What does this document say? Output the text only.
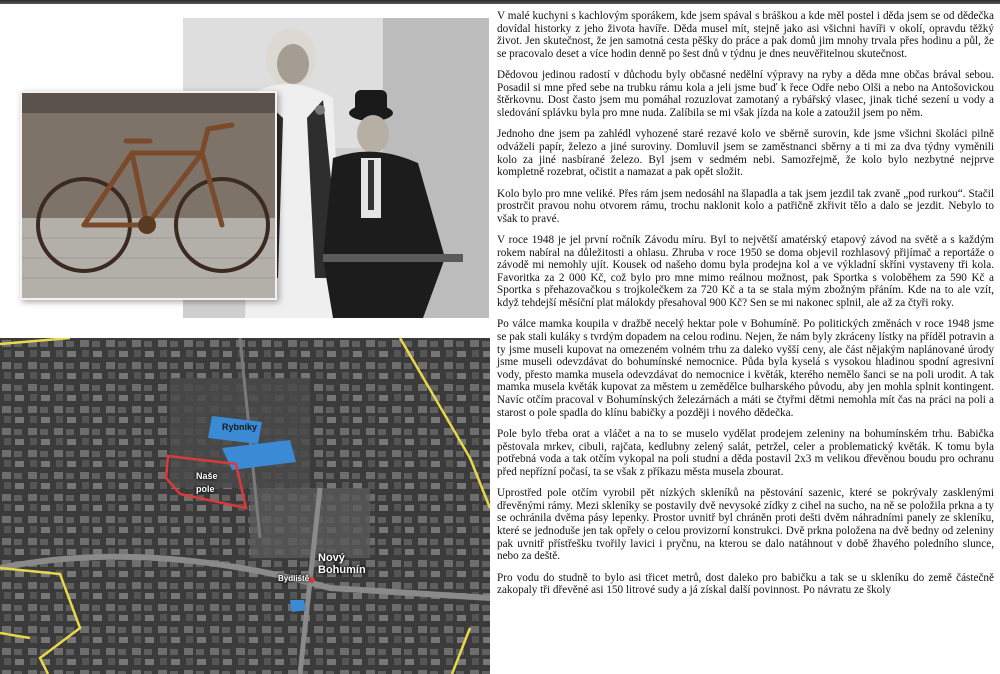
Rybníky
Naše pole
Nový Bohumín
Bydliště

V malé kuchyni s kachlovým sporákem, kde jsem spával s bráškou a kde měl postel i děda jsem se od dědečka dovídal historky z jeho života havíře. Děda musel mít, stejně jako asi všichni havíři v okolí, opravdu těžký život. Jen skutečnost, že jen samotná cesta pěšky do práce a pak domů jim mnohy trvala přes hodinu a půl, že se pracovalo deset a více hodin denně po šest dnů v týdnu je dnes neuvěřitelnou skutečnost.

Dědovou jedinou radostí v důchodu byly občasné nedělní výpravy na ryby a děda mne občas brával sebou. Posadil si mne před sebe na trubku rámu kola a jeli jsme buď k řece Odře nebo Olši a nebo na Antošovickou štěrkovnu. Dost často jsem mu pomáhal rozuzlovat zamotaný a rybářský vlasec, jinak tiché sezení u vody a sledování splávku byla pro mne nuda. Zalíbila se mi však jízda na kole a zatoužil jsem po něm.

Jednoho dne jsem pa zahlédl vyhozené staré rezavé kolo ve sběrně surovin, kde jsme všichni školáci pilně odváželi papír, železo a jiné suroviny. Domluvil jsem se zaměstnanci sběrny a ti mi za dva týdny vyměnili kolo za jiné nasbírané železo. Byl jsem v sedmém nebi. Samozřejmě, že kolo bylo nezbytné nejprve kompletně rozebrat, očistit a namazat a pak opět složit.

Kolo bylo pro mne veliké. Přes rám jsem nedosáhl na šlapadla a tak jsem jezdil tak zvaně „pod rurkou“. Stačil prostrčit pravou nohu otvorem rámu, trochu naklonit kolo a patřičně zkřivit tělo a dalo se jezdit. Nebylo to však to pravé.

V roce 1948 je jel první ročník Závodu míru. Byl to největší amatérský etapový závod na světě a s každým rokem nabíral na důležitosti a ohlasu. Zhruba v roce 1950 se doma objevil rozhlasový přijímač a reportáže o závodě mi nemohly ujít. Kousek od našeho domu byla prodejna kol a ve výkladní skříni vystaveny tři kola. Favoritka za 2 000 Kč, což bylo pro mne mimo reálnou možnost, pak Sportka s voloběhem za 590 Kč a Sportka s přehazovačkou s trojkolečkem za 720 Kč a ta se stala mým zbožným přáním. Kde na to ale vzít, když tehdejší měsíční plat málokdy přesahoval 900 Kč? Sen se mi nakonec splnil, ale až za čtyři roky.

Po válce mamka koupila v dražbě necelý hektar pole v Bohumíně. Po politických změnách v roce 1948 jsme se pak stali kuláky s tvrdým dopadem na celou rodinu. Nejen, že nám byly zkráceny lístky na příděl potravin a ty jsme museli kupovat na omezeném volném trhu za daleko vyšší ceny, ale část nějakým naplánované úrody jsme museli odevzdávat do bohumínské nemocnice. Půda byla kyselá s vysokou hladinou spodní agresivní vody, přesto mamka musela odevzdávat do nemocnice i květák, kterého nemělo šanci se na poli urodit. A tak mamka musela květák kupovat za městem u zemědělce bulharského původu, aby jen mohla splnit kontingent. Navíc otčím pracoval v Bohumínských železárnách a máti se čtyřmi dětmi nemohla mít čas na práci na poli a starost o pole spadla do klínu babičky a později i nového dědečka.

Pole bylo třeba orat a vláčet a na to se muselo vydělat prodejem zeleniny na bohumínském trhu. Babička pěstovala mrkev, cibuli, rajčata, kedlubny zelený salát, petržel, celer a problematický květák. K tomu byla potřebná voda a tak otčím vykopal na poli studni a děda postavil 2x3 m velikou dřevěnou boudu pro ochranu před nepřízní počasí, ta se však z příkazu města musela zbourat.

Uprostřed pole otčím vyrobil pět nízkých skleníků na pěstování sazenic, které se pokrývaly zasklenými dřevěnými rámy. Mezi skleníky se postavily dvě nevysoké zídky z cihel na sucho, na ně se položila prkna a ty se ochránila dvěma pásy lepenky. Prostor uvnitř byl chráněn proti dešti dvěm náhradními panely ze skleníku, které se jednoduše jen tak opřely o celou provizorní konstrukci. Dvě prkna položena na dvě bedny od zeleniny pak uvnitř přístřešku tvořily lavici i pryčnu, na kterou se dalo natáhnout v době žhavého poledního slunce, nebo za deště.

Pro vodu do studně to bylo asi třicet metrů, dost daleko pro babičku a tak se u skleníku do země částečně zakopaly tři dřevěné asi 150 litrové sudy a já získal další povinnost. Po návratu ze školy
